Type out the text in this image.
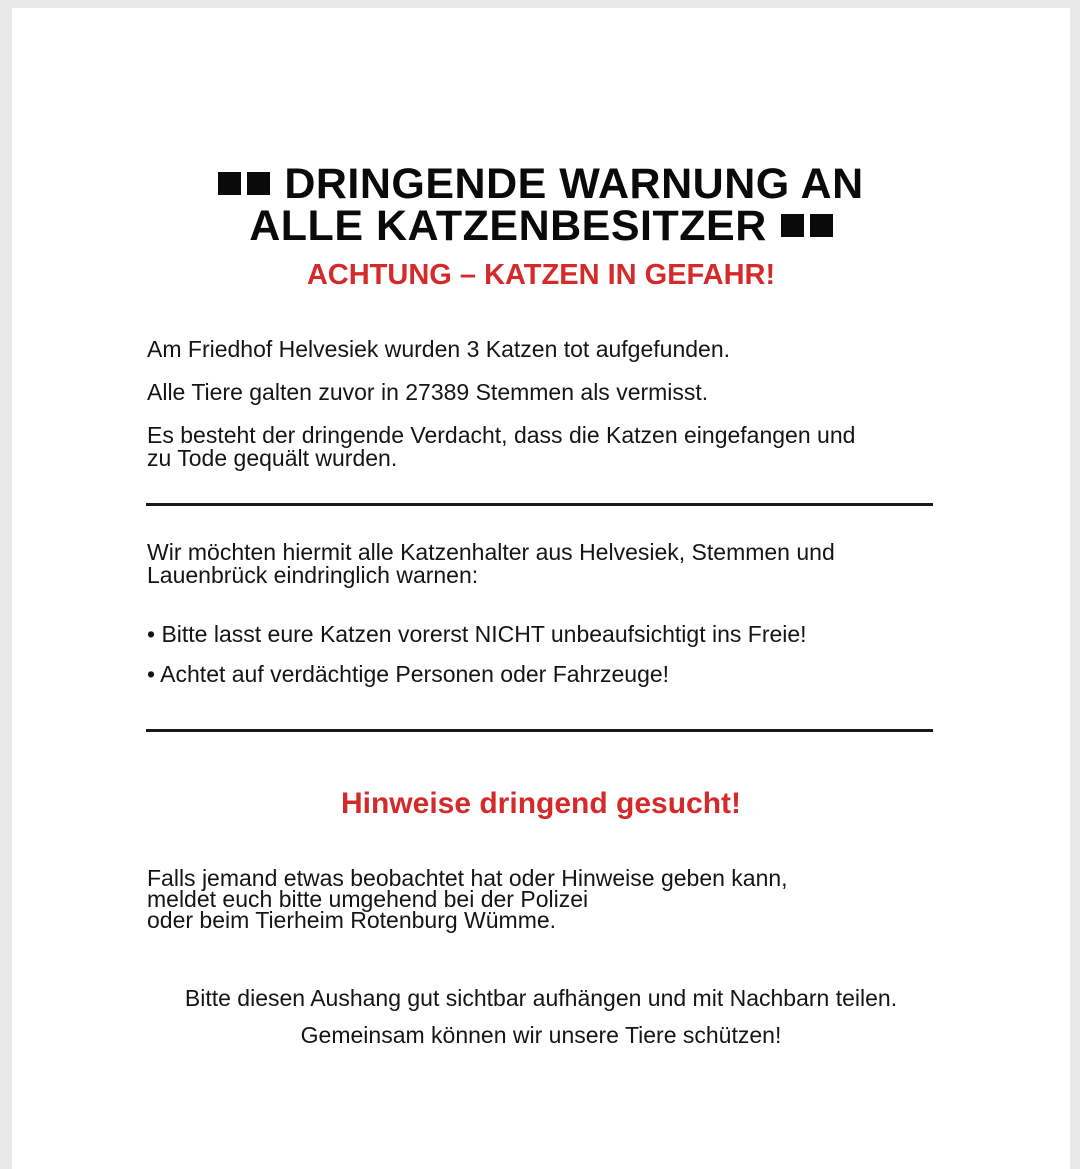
DRINGENDE WARNUNG AN
ALLE KATZENBESITZER
ACHTUNG – KATZEN IN GEFAHR!
Am Friedhof Helvesiek wurden 3 Katzen tot aufgefunden.
Alle Tiere galten zuvor in 27389 Stemmen als vermisst.
Es besteht der dringende Verdacht, dass die Katzen eingefangen und
zu Tode gequält wurden.
Wir möchten hiermit alle Katzenhalter aus Helvesiek, Stemmen und
Lauenbrück eindringlich warnen:
• Bitte lasst eure Katzen vorerst NICHT unbeaufsichtigt ins Freie!
• Achtet auf verdächtige Personen oder Fahrzeuge!
Hinweise dringend gesucht!
Falls jemand etwas beobachtet hat oder Hinweise geben kann,
meldet euch bitte umgehend bei der Polizei
oder beim Tierheim Rotenburg Wümme.
Bitte diesen Aushang gut sichtbar aufhängen und mit Nachbarn teilen.
Gemeinsam können wir unsere Tiere schützen!
